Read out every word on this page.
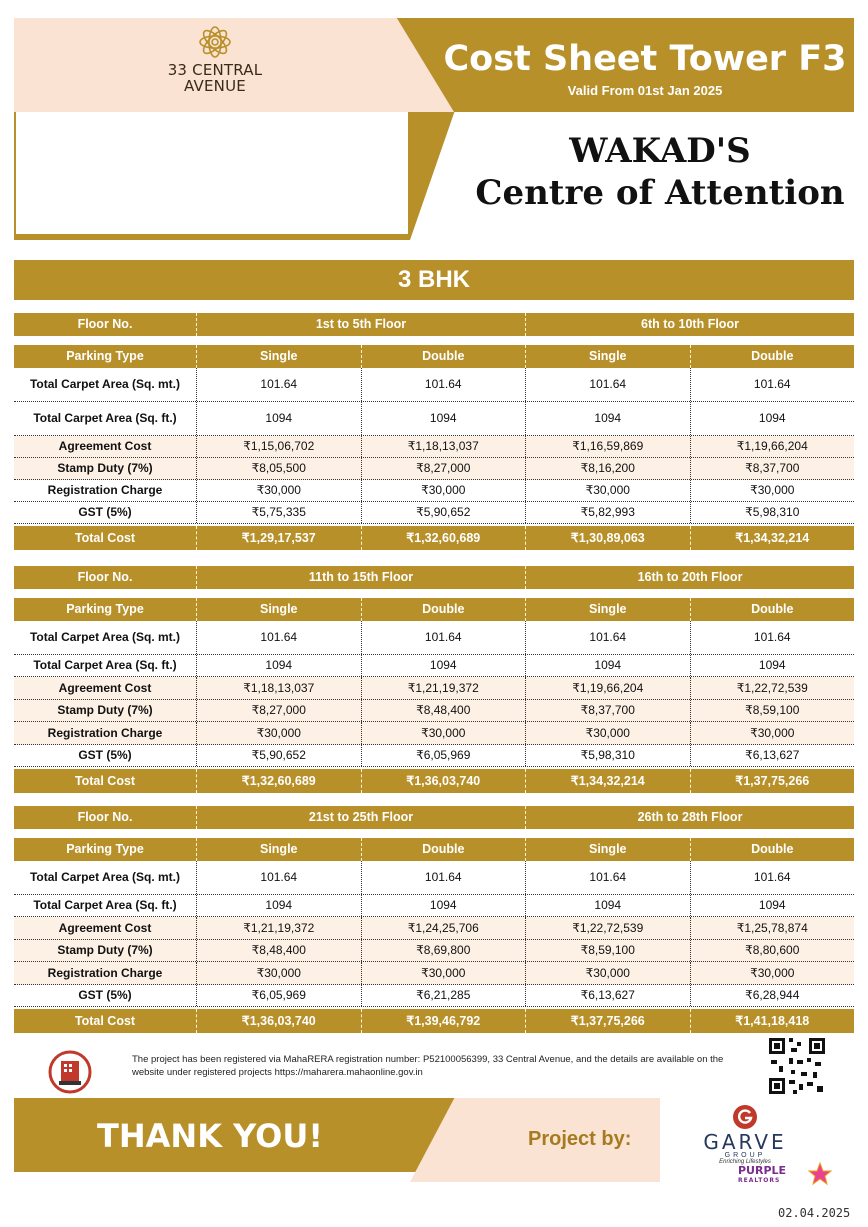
33 CENTRAL
AVENUE
Cost Sheet Tower F3
Valid From 01st Jan 2025
WAKAD'S
Centre of Attention
3 BHK
Floor No.	1st to 5th Floor	6th to 10th Floor
Parking Type	Single	Double	Single	Double
Total Carpet Area (Sq. mt.)	101.64	101.64	101.64	101.64
Total Carpet Area (Sq. ft.)	1094	1094	1094	1094
Agreement Cost	₹1,15,06,702	₹1,18,13,037	₹1,16,59,869	₹1,19,66,204
Stamp Duty (7%)	₹8,05,500	₹8,27,000	₹8,16,200	₹8,37,700
Registration Charge	₹30,000	₹30,000	₹30,000	₹30,000
GST (5%)	₹5,75,335	₹5,90,652	₹5,82,993	₹5,98,310
Total Cost	₹1,29,17,537	₹1,32,60,689	₹1,30,89,063	₹1,34,32,214
Floor No.	11th to 15th Floor	16th to 20th Floor
Parking Type	Single	Double	Single	Double
Total Carpet Area (Sq. mt.)	101.64	101.64	101.64	101.64
Total Carpet Area (Sq. ft.)	1094	1094	1094	1094
Agreement Cost	₹1,18,13,037	₹1,21,19,372	₹1,19,66,204	₹1,22,72,539
Stamp Duty (7%)	₹8,27,000	₹8,48,400	₹8,37,700	₹8,59,100
Registration Charge	₹30,000	₹30,000	₹30,000	₹30,000
GST (5%)	₹5,90,652	₹6,05,969	₹5,98,310	₹6,13,627
Total Cost	₹1,32,60,689	₹1,36,03,740	₹1,34,32,214	₹1,37,75,266
Floor No.	21st to 25th Floor	26th to 28th Floor
Parking Type	Single	Double	Single	Double
Total Carpet Area (Sq. mt.)	101.64	101.64	101.64	101.64
Total Carpet Area (Sq. ft.)	1094	1094	1094	1094
Agreement Cost	₹1,21,19,372	₹1,24,25,706	₹1,22,72,539	₹1,25,78,874
Stamp Duty (7%)	₹8,48,400	₹8,69,800	₹8,59,100	₹8,80,600
Registration Charge	₹30,000	₹30,000	₹30,000	₹30,000
GST (5%)	₹6,05,969	₹6,21,285	₹6,13,627	₹6,28,944
Total Cost	₹1,36,03,740	₹1,39,46,792	₹1,37,75,266	₹1,41,18,418
The project has been registered via MahaRERA registration number: P52100056399, 33 Central Avenue, and the details are available on the website under registered projects https://maharera.mahaonline.gov.in
THANK YOU!	Project by:	GARVE
GROUP
Enriching Lifestyles
PURPLE
REALTORS
02.04.2025
